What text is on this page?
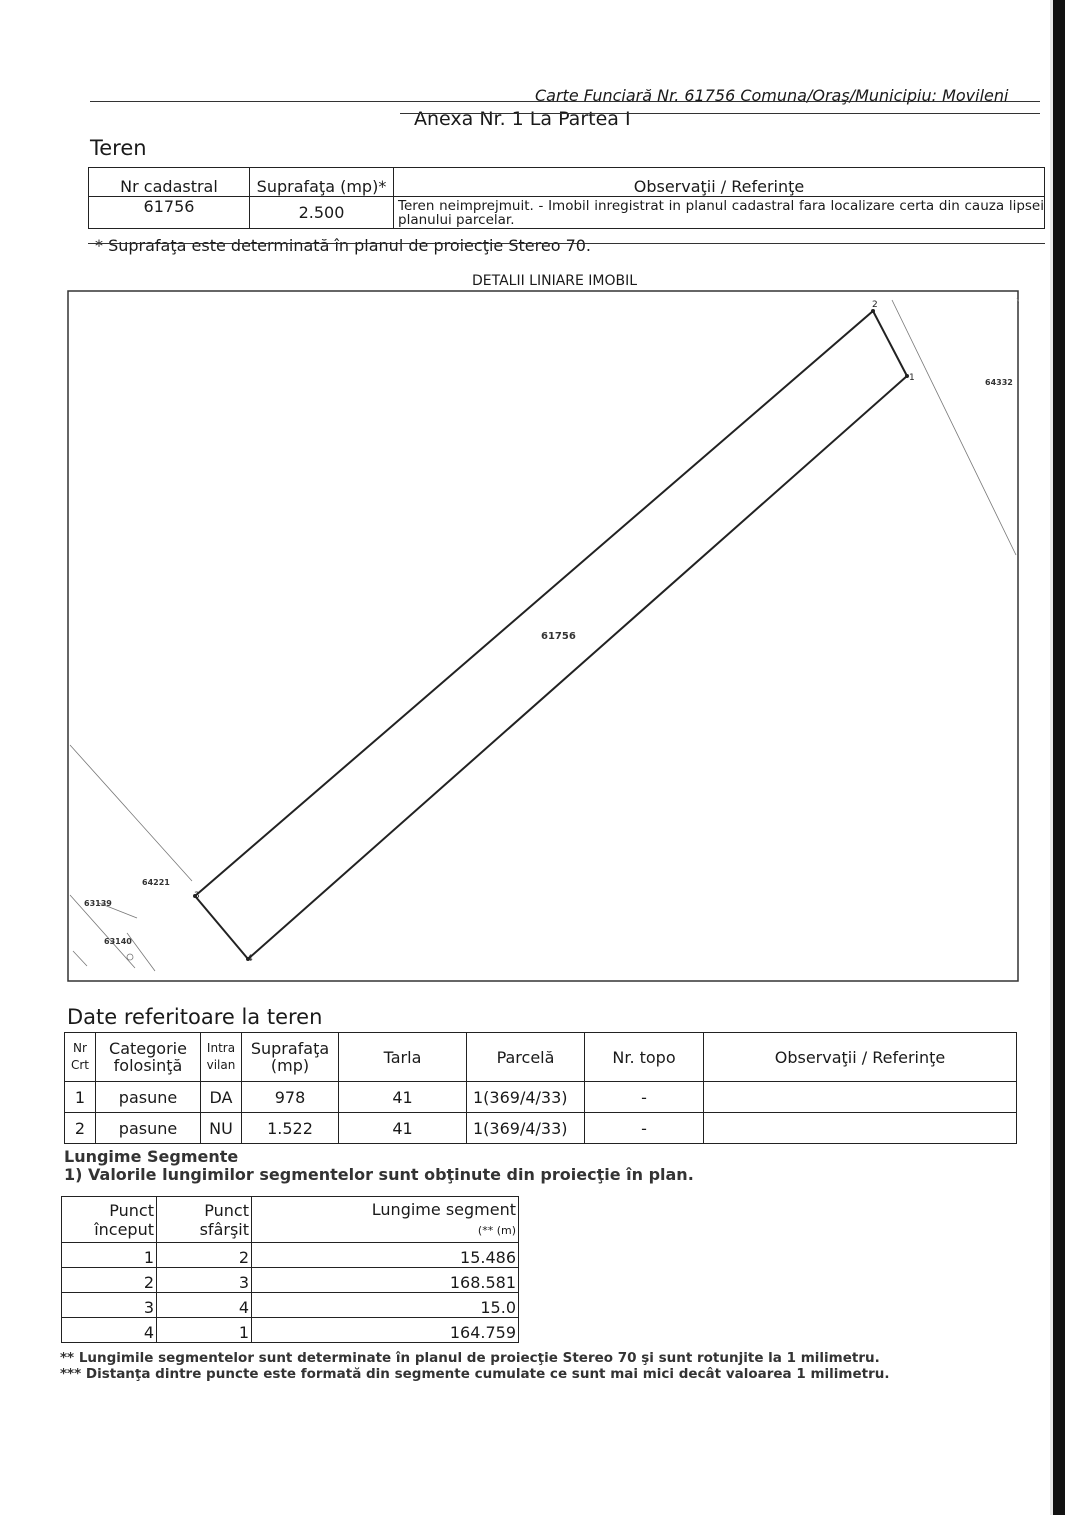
Carte Funciară Nr. 61756 Comuna/Oraş/Municipiu: Movileni
Anexa Nr. 1 La Partea I
Teren
Nr cadastral	Suprafaţa (mp)*	Observaţii / Referinţe
61756	2.500	Teren neimprejmuit. - Imobil inregistrat in planul cadastral fara localizare certa din cauza lipsei planului parcelar.
* Suprafaţa este determinată în planul de proiecţie Stereo 70.
DETALII LINIARE IMOBIL
1
2
3
4
61756
64332
64221
63139
63140
Date referitoare la teren
Nr Crt	Categorie folosinţă	Intra vilan	Suprafaţa (mp)	Tarla	Parcelă	Nr. topo	Observaţii / Referinţe
1	pasune	DA	978	41	1(369/4/33)	-	
2	pasune	NU	1.522	41	1(369/4/33)	-	
Lungime Segmente
1) Valorile lungimilor segmentelor sunt obţinute din proiecţie în plan.
Punct început	Punct sfârşit	Lungime segment
(** (m)
1	2	15.486
2	3	168.581
3	4	15.0
4	1	164.759
** Lungimile segmentelor sunt determinate în planul de proiecţie Stereo 70 şi sunt rotunjite la 1 milimetru.
*** Distanţa dintre puncte este formată din segmente cumulate ce sunt mai mici decât valoarea 1 milimetru.
